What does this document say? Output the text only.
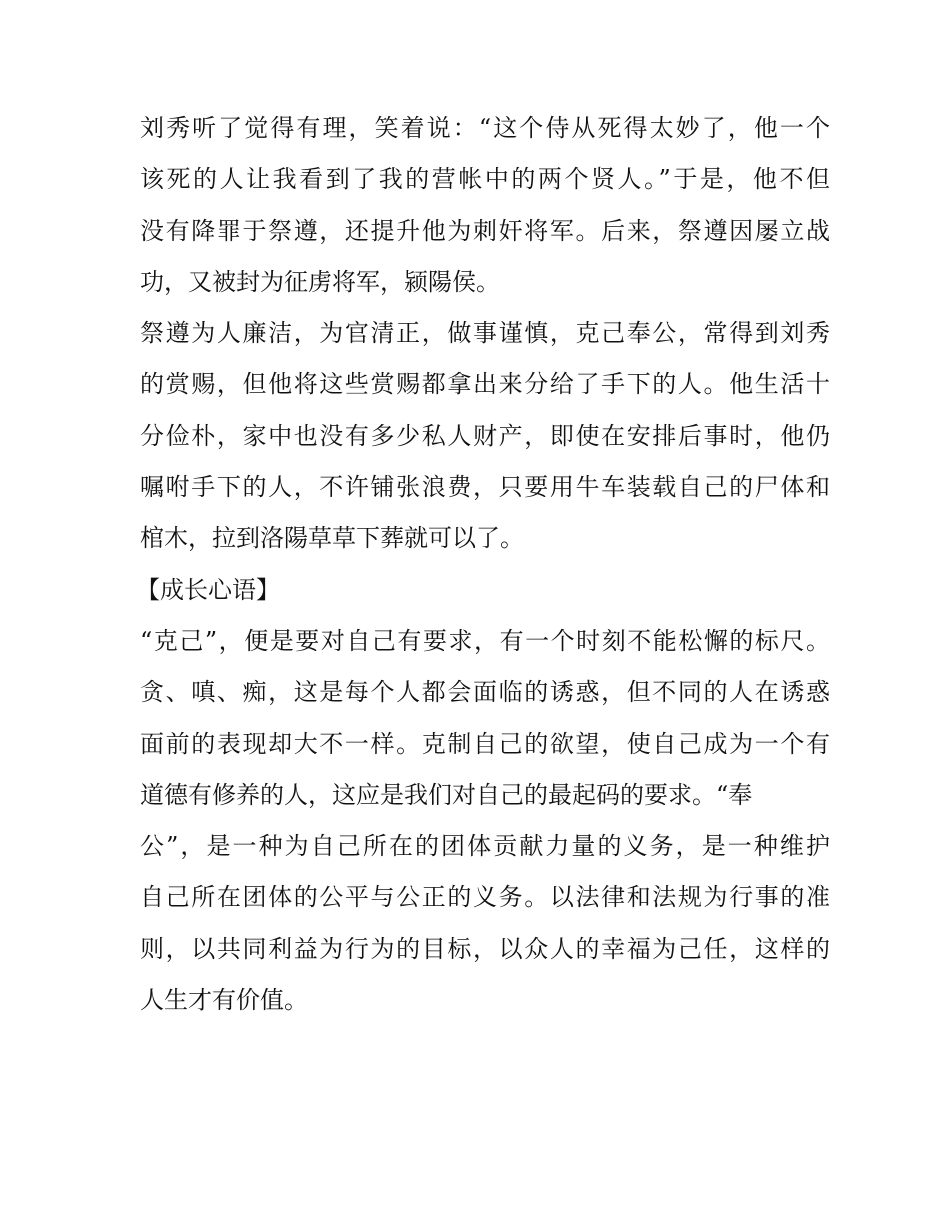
刘秀听了觉得有理，笑着说：“这个侍从死得太妙了，他一个
该死的人让我看到了我的营帐中的两个贤人。”于是，他不但
没有降罪于祭遵，还提升他为刺奸将军。后来，祭遵因屡立战
功，又被封为征虏将军，颍陽侯。
祭遵为人廉洁，为官清正，做事谨慎，克己奉公，常得到刘秀
的赏赐，但他将这些赏赐都拿出来分给了手下的人。他生活十
分俭朴，家中也没有多少私人财产，即使在安排后事时，他仍
嘱咐手下的人，不许铺张浪费，只要用牛车装载自己的尸体和
棺木，拉到洛陽草草下葬就可以了。
【成长心语】
“克己”，便是要对自己有要求，有一个时刻不能松懈的标尺。
贪、嗔、痴，这是每个人都会面临的诱惑，但不同的人在诱惑
面前的表现却大不一样。克制自己的欲望，使自己成为一个有
道德有修养的人，这应是我们对自己的最起码的要求。“奉
公”，是一种为自己所在的团体贡献力量的义务，是一种维护
自己所在团体的公平与公正的义务。以法律和法规为行事的准
则，以共同利益为行为的目标，以众人的幸福为己任，这样的
人生才有价值。
